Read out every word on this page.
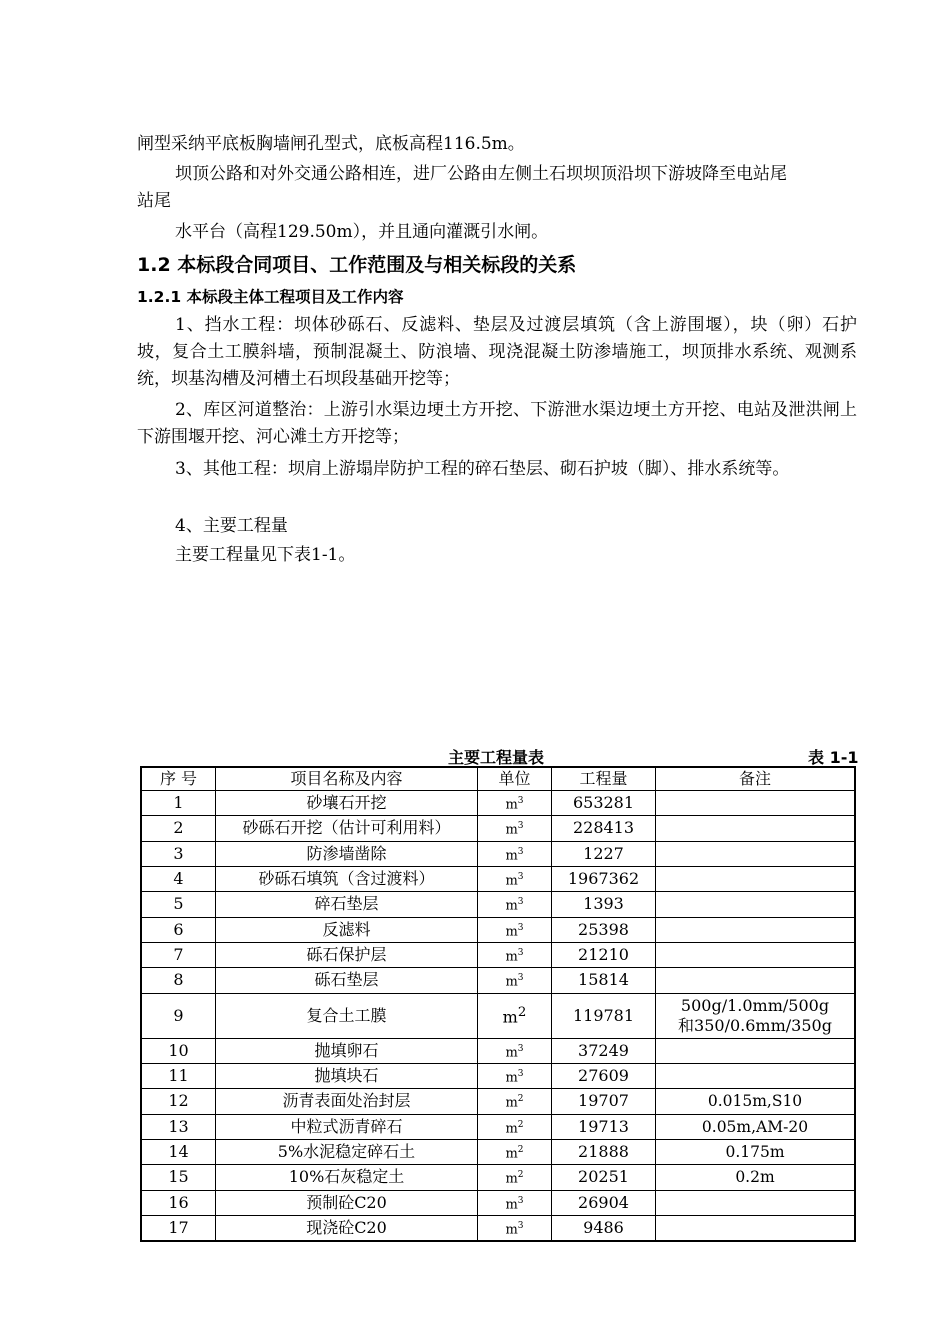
闸型采纳平底板胸墙闸孔型式，底板高程116.5m。

坝顶公路和对外交通公路相连，进厂公路由左侧土石坝坝顶沿坝下游坡降至电站尾

站尾

水平台（高程129.50m），并且通向灌溉引水闸。

1.2 本标段合同项目、工作范围及与相关标段的关系
1.2.1 本标段主体工程项目及工作内容

1、挡水工程：坝体砂砾石、反滤料、垫层及过渡层填筑（含上游围堰），块（卵）石护坡，复合土工膜斜墙，预制混凝土、防浪墙、现浇混凝土防渗墙施工，坝顶排水系统、观测系统，坝基沟槽及河槽土石坝段基础开挖等；

2、库区河道整治：上游引水渠边埂土方开挖、下游泄水渠边埂土方开挖、电站及泄洪闸上下游围堰开挖、河心滩土方开挖等；

3、其他工程：坝肩上游塌岸防护工程的碎石垫层、砌石护坡（脚）、排水系统等。

4、主要工程量

主要工程量见下表1-1。

主要工程量表	表 1-1
序 号	项目名称及内容	单位	工程量	备注
1	砂壤石开挖	$m^3$	653281	

2	砂砾石开挖（估计可利用料）	$m^3$	228413	

3	防渗墙凿除	$m^3$	1227	

4	砂砾石填筑（含过渡料）	$m^3$	1967362	

5	碎石垫层	$m^3$	1393	

6	反滤料	$m^3$	25398	

7	砾石保护层	$m^3$	21210	

8	砾石垫层	$m^3$	15814	

9	复合土工膜	$m^2$	119781	500g/1.0mm/500g
和350/0.6mm/350g

10	抛填卵石	$m^3$	37249	

11	抛填块石	$m^3$	27609	

12	沥青表面处治封层	$m^2$	19707	0.015m,S10

13	中粒式沥青碎石	$m^2$	19713	0.05m,AM-20

14	5%水泥稳定碎石土	$m^2$	21888	0.175m

15	10%石灰稳定土	$m^2$	20251	0.2m

16	预制砼C20	$m^3$	26904	

17	现浇砼C20	$m^3$	9486	
